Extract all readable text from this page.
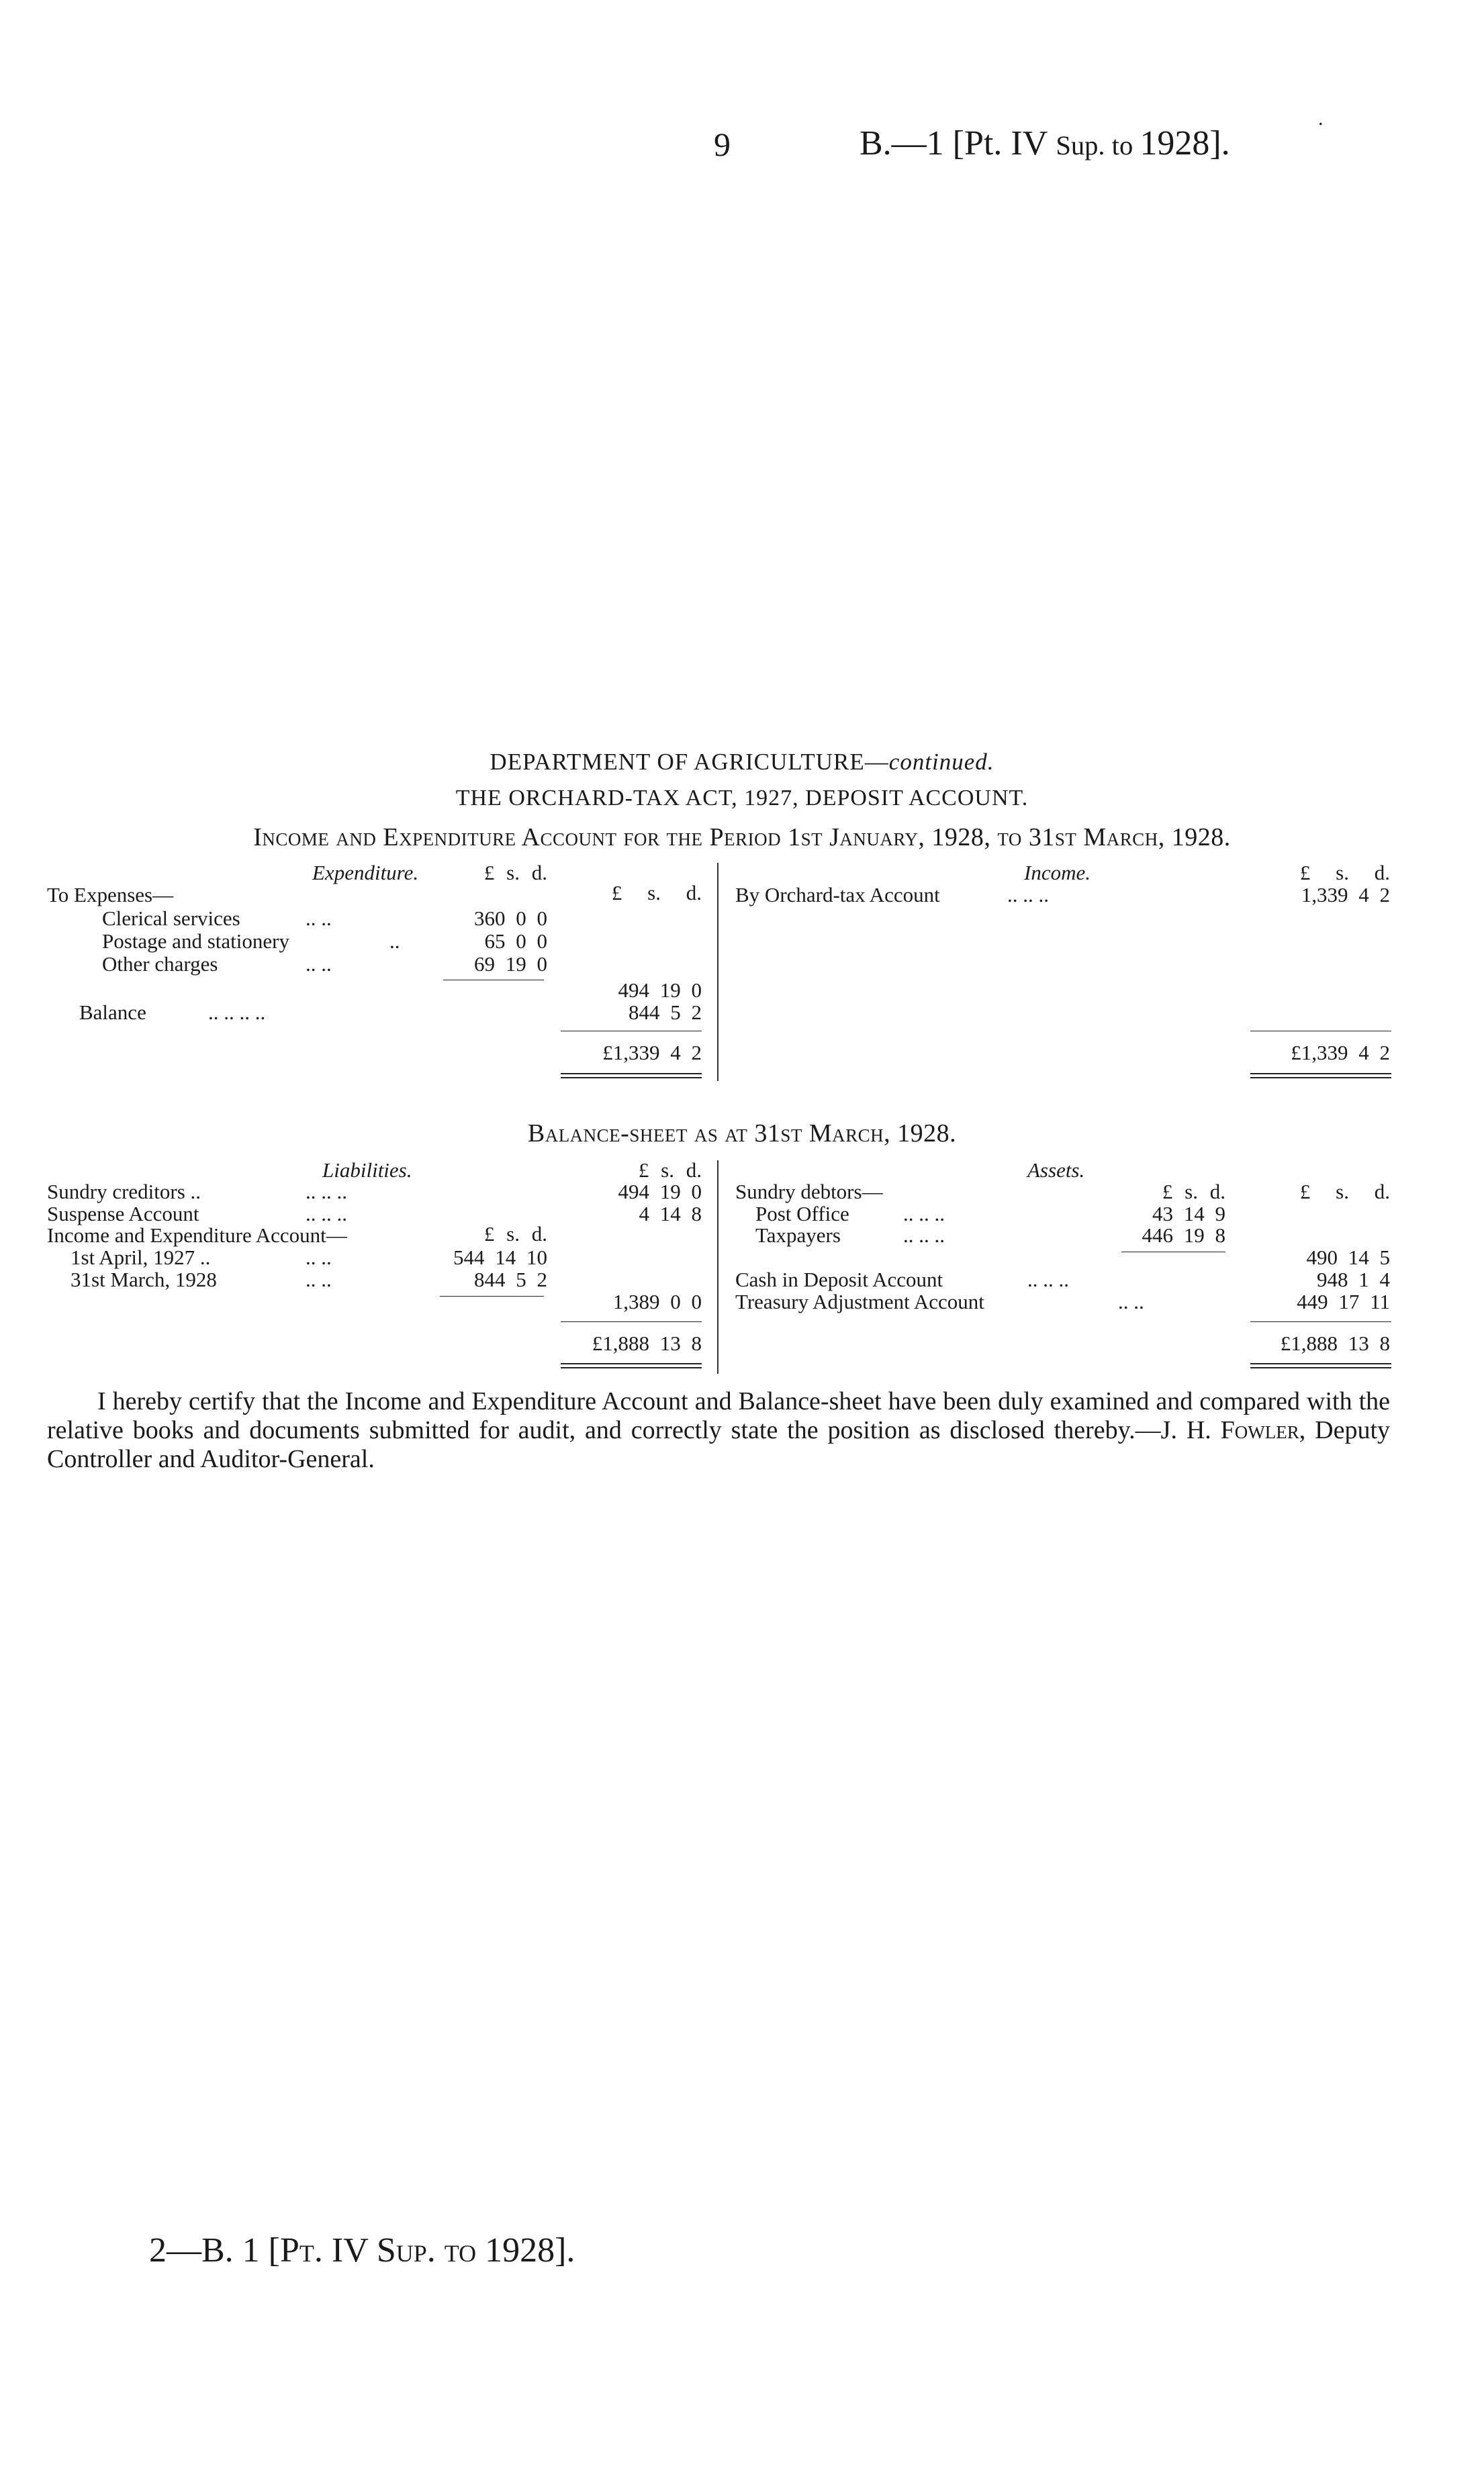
9	B.—1 [Pt. IV Sup. to 1928].
.
DEPARTMENT OF AGRICULTURE—continued.
THE ORCHARD-TAX ACT, 1927, DEPOSIT ACCOUNT.
Income and Expenditure Account for the Period 1st January, 1928, to 31st March, 1928.
Expenditure.	Income.
£ s. d.
£ s. d.
£ s. d.
To Expenses—
Clerical services	.. ..	360 0 0
Postage and stationery	..	65 0 0
Other charges	.. ..	69 19 0
494 19 0
Balance	.. .. .. ..	844 5 2
£1,339 4 2
By Orchard-tax Account	.. .. ..	1,339 4 2
£1,339 4 2
Balance-sheet as at 31st March, 1928.
Liabilities.	Assets.
£ s. d.
£ s. d.
£ s. d.	£ s. d.
Sundry creditors ..	.. .. ..	494 19 0
Suspense Account	.. .. ..	4 14 8
Income and Expenditure Account—
1st April, 1927 ..	.. ..	544 14 10
31st March, 1928	.. ..	844 5 2
1,389 0 0
£1,888 13 8
Sundry debtors—
Post Office	.. .. ..	43 14 9
Taxpayers	.. .. ..	446 19 8
490 14 5
Cash in Deposit Account	.. .. ..	948 1 4
Treasury Adjustment Account	.. ..	449 17 11
£1,888 13 8
I hereby certify that the Income and Expenditure Account and Balance-sheet have been duly examined and compared with the relative books and documents submitted for audit, and correctly state the position as disclosed thereby.—J. H. Fowler, Deputy Controller and Auditor-General.
2—B. 1 [Pt. IV Sup. to 1928].
